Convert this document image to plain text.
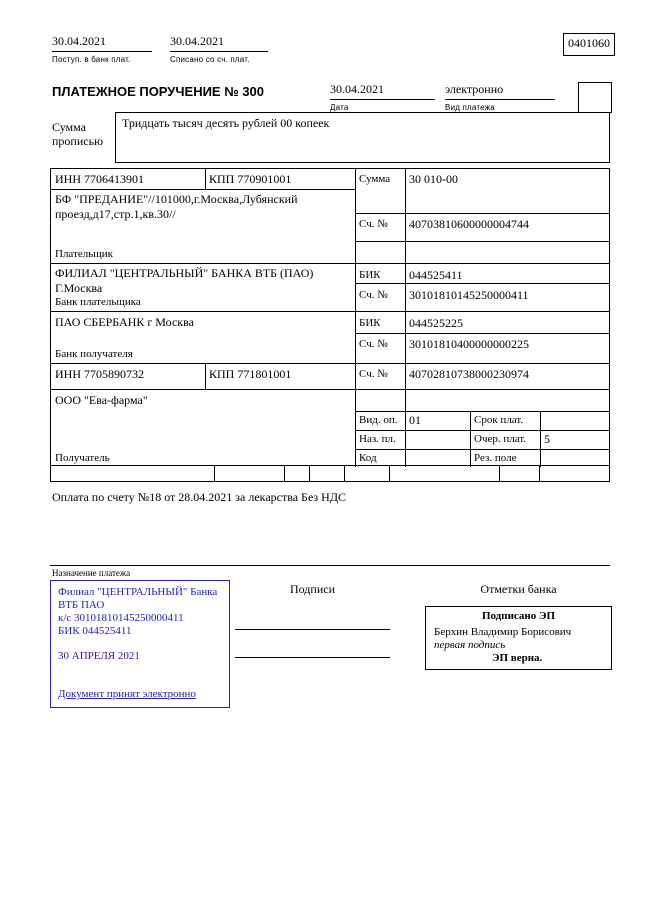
30.04.2021
Поступ. в банк плат.
30.04.2021
Списано со сч. плат.
0401060
ПЛАТЕЖНОЕ ПОРУЧЕНИЕ № 300	30.04.2021
Дата
электронно
Вид платежа
Сумма
прописью
Тридцать тысяч десять рублей 00 копеек
ИНН 7706413901	КПП 770901001	Сумма 30 010-00
БФ "ПРЕДАНИЕ"//101000,г.Москва,Лубянский проезд,д17,стр.1,кв.30//
Сч. № 40703810600000004744
Плательщик
ФИЛИАЛ "ЦЕНТРАЛЬНЫЙ" БАНКА ВТБ (ПАО) Г.Москва
БИК 044525411
Сч. № 30101810145250000411
Банк плательщика
ПАО СБЕРБАНК г Москва	БИК 044525225
Сч. № 30101810400000000225
Банк получателя
ИНН 7705890732	КПП 771801001	Сч. № 40702810738000230974
ООО "Ева-фарма"
Вид. оп. 01	Срок плат.
Наз. пл.	Очер. плат. 5
Код	Рез. поле
Получатель
Оплата по счету №18 от 28.04.2021 за лекарства Без НДС
Назначение платежа
Филиал "ЦЕНТРАЛЬНЫЙ" Банка
ВТБ ПАО
к/с 30101810145250000411
БИК 044525411
30 АПРЕЛЯ 2021
Документ принят электронно
Подписи	Отметки банка
Подписано ЭП
Берхин Владимир Борисович
первая подпись
ЭП верна.
